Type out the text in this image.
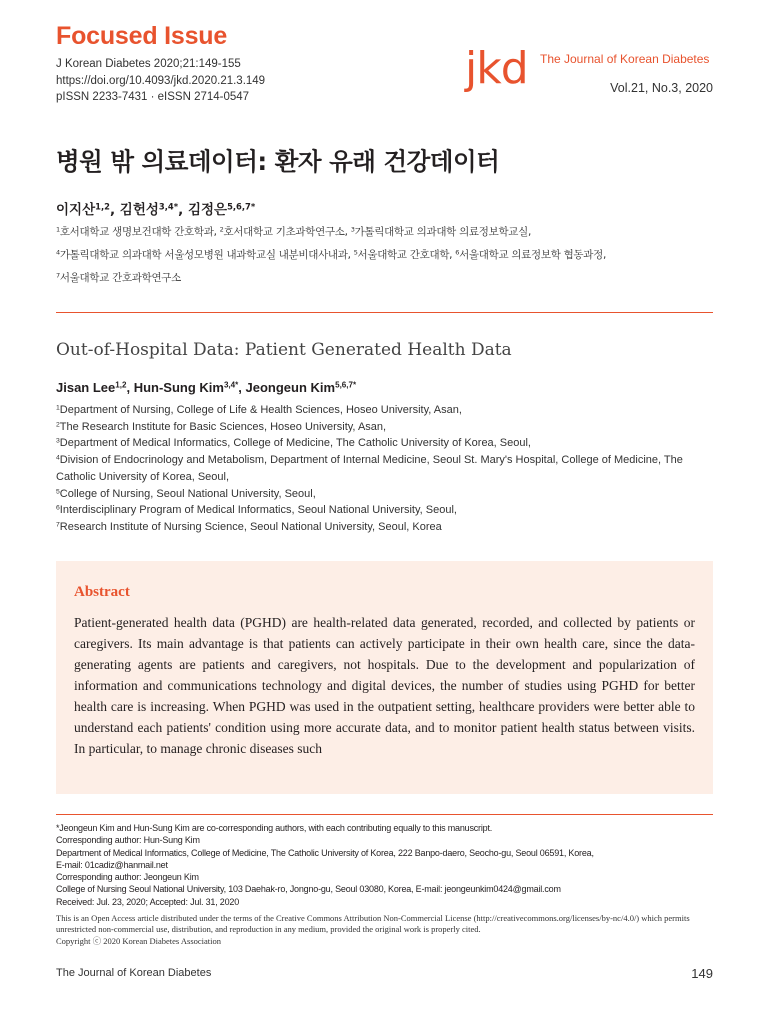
Focused Issue
J Korean Diabetes 2020;21:149-155
https://doi.org/10.4093/jkd.2020.21.3.149
pISSN 2233-7431 · eISSN 2714-0547
jkd The Journal of Korean Diabetes
Vol.21, No.3, 2020
병원 밖 의료데이터: 환자 유래 건강데이터
이지산$^{1,2}$, 김헌성$^{3,4*}$, 김정은$^{5,6,7*}$
$^1$호서대학교 생명보건대학 간호학과, $^2$호서대학교 기초과학연구소, $^3$가톨릭대학교 의과대학 의료정보학교실,
$^4$가톨릭대학교 의과대학 서울성모병원 내과학교실 내분비대사내과, $^5$서울대학교 간호대학, $^6$서울대학교 의료정보학 협동과정,
$^7$서울대학교 간호과학연구소
Out-of-Hospital Data: Patient Generated Health Data
Jisan Lee$^{1,2}$, Hun-Sung Kim$^{3,4*}$, Jeongeun Kim$^{5,6,7*}$
$^1$Department of Nursing, College of Life & Health Sciences, Hoseo University, Asan,
$^2$The Research Institute for Basic Sciences, Hoseo University, Asan,
$^3$Department of Medical Informatics, College of Medicine, The Catholic University of Korea, Seoul,
$^4$Division of Endocrinology and Metabolism, Department of Internal Medicine, Seoul St. Mary's Hospital, College of Medicine, The Catholic University of Korea, Seoul,
$^5$College of Nursing, Seoul National University, Seoul,
$^6$Interdisciplinary Program of Medical Informatics, Seoul National University, Seoul,
$^7$Research Institute of Nursing Science, Seoul National University, Seoul, Korea
Abstract
Patient-generated health data (PGHD) are health-related data generated, recorded, and collected by patients or caregivers. Its main advantage is that patients can actively participate in their own health care, since the data-generating agents are patients and caregivers, not hospitals. Due to the development and popularization of information and communications technology and digital devices, the number of studies using PGHD for better health care is increasing. When PGHD was used in the outpatient setting, healthcare providers were better able to understand each patients' condition using more accurate data, and to monitor patient health status between visits. In particular, to manage chronic diseases such
*Jeongeun Kim and Hun-Sung Kim are co-corresponding authors, with each contributing equally to this manuscript.
Corresponding author: Hun-Sung Kim
Department of Medical Informatics, College of Medicine, The Catholic University of Korea, 222 Banpo-daero, Seocho-gu, Seoul 06591, Korea,
E-mail: 01cadiz@hanmail.net
Corresponding author: Jeongeun Kim
College of Nursing Seoul National University, 103 Daehak-ro, Jongno-gu, Seoul 03080, Korea, E-mail: jeongeunkim0424@gmail.com
Received: Jul. 23, 2020; Accepted: Jul. 31, 2020
This is an Open Access article distributed under the terms of the Creative Commons Attribution Non-Commercial License (http://creativecommons.org/licenses/by-nc/4.0/) which permits unrestricted non-commercial use, distribution, and reproduction in any medium, provided the original work is properly cited.
Copyright ⓒ 2020 Korean Diabetes Association
The Journal of Korean Diabetes	149
